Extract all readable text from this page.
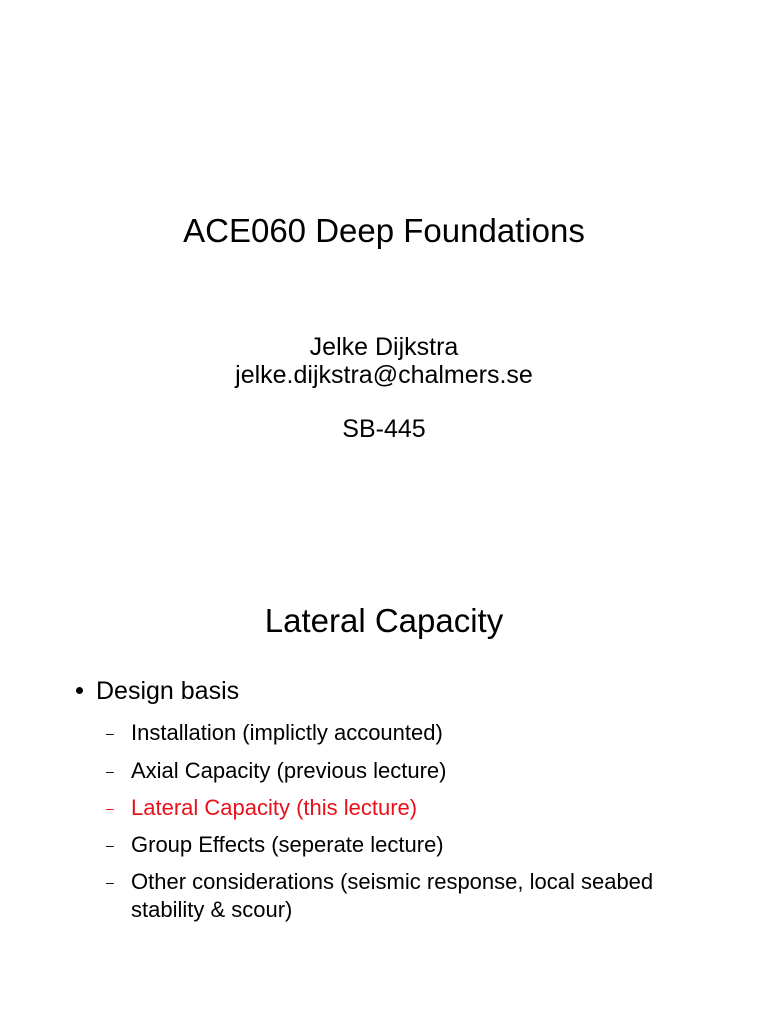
ACE060 Deep Foundations
Jelke Dijkstra
jelke.dijkstra@chalmers.se
SB-445
Lateral Capacity
Design basis
– Installation (implictly accounted)
– Axial Capacity (previous lecture)
– Lateral Capacity (this lecture)
– Group Effects (seperate lecture)
– Other considerations (seismic response, local seabed stability & scour)
